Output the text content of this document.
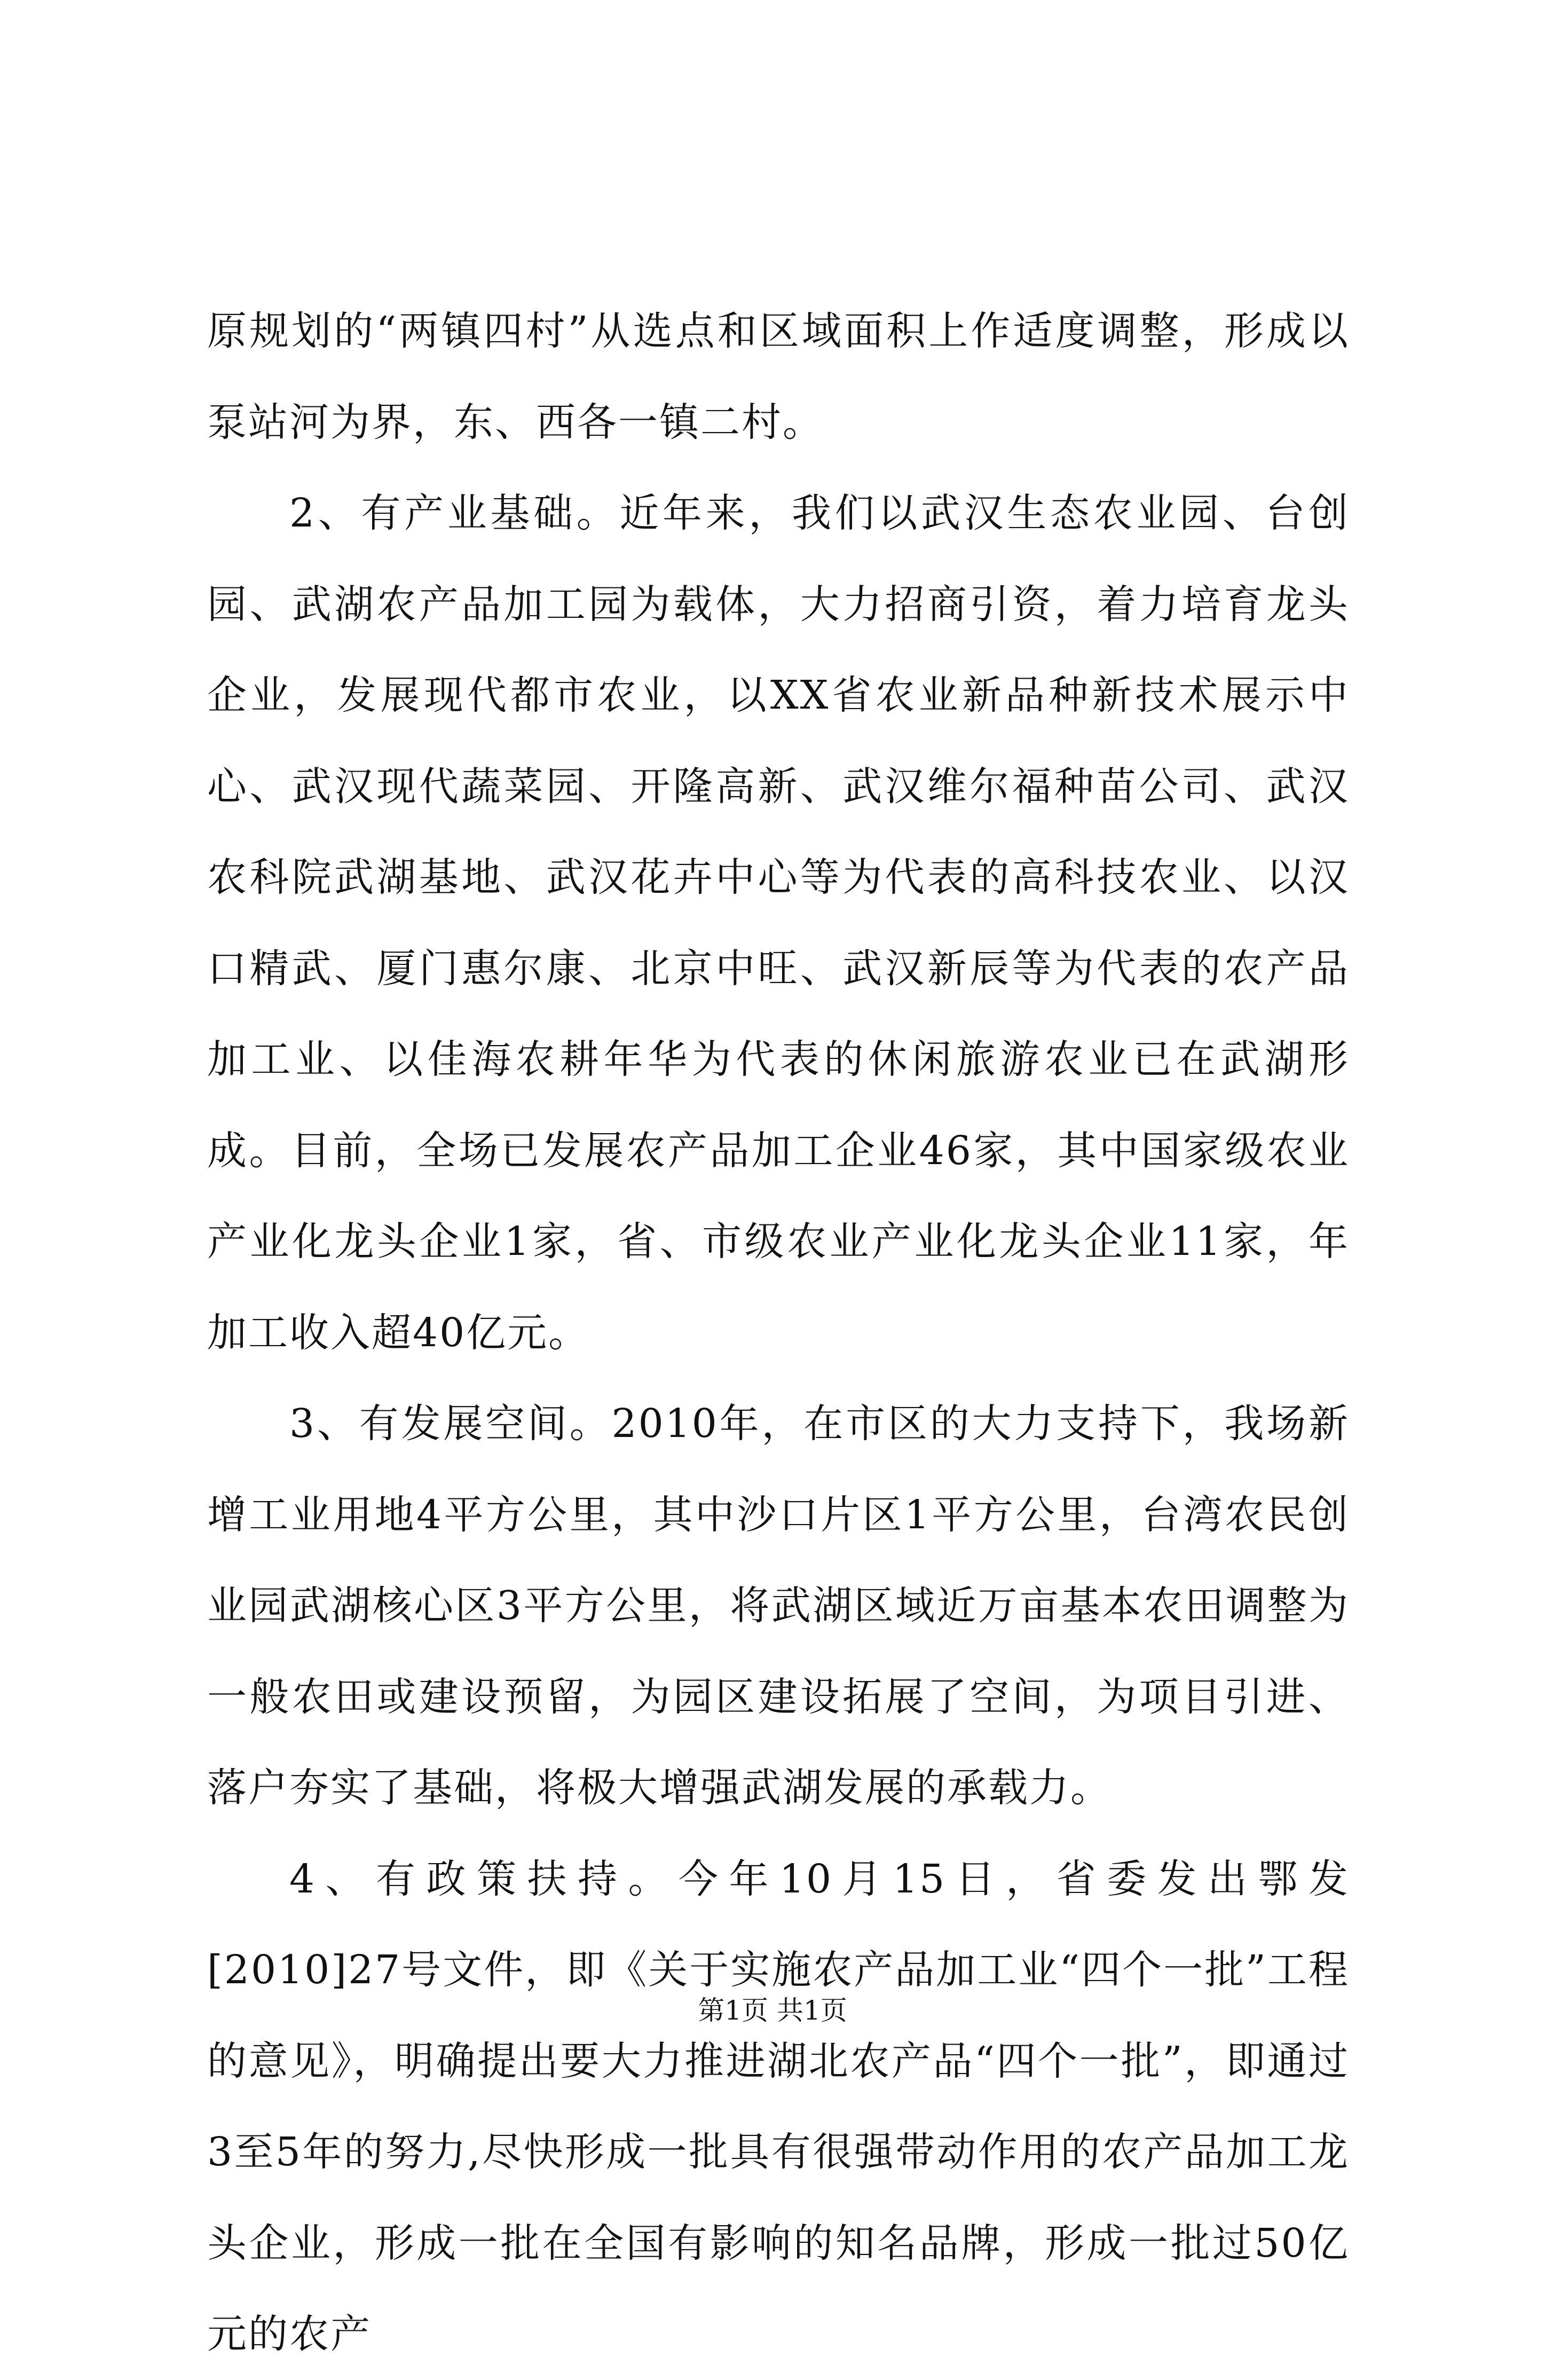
原规划的“两镇四村”从选点和区域面积上作适度调整，形成以泵站河为界，东、西各一镇二村。

2、有产业基础。近年来，我们以武汉生态农业园、台创园、武湖农产品加工园为载体，大力招商引资，着力培育龙头企业，发展现代都市农业，以XX省农业新品种新技术展示中心、武汉现代蔬菜园、开隆高新、武汉维尔福种苗公司、武汉农科院武湖基地、武汉花卉中心等为代表的高科技农业、以汉口精武、厦门惠尔康、北京中旺、武汉新辰等为代表的农产品加工业、以佳海农耕年华为代表的休闲旅游农业已在武湖形成。目前，全场已发展农产品加工企业46家，其中国家级农业产业化龙头企业1家，省、市级农业产业化龙头企业11家，年加工收入超40亿元。

3、有发展空间。2010年，在市区的大力支持下，我场新增工业用地4平方公里，其中沙口片区1平方公里，台湾农民创业园武湖核心区3平方公里，将武湖区域近万亩基本农田调整为一般农田或建设预留，为园区建设拓展了空间，为项目引进、落户夯实了基础，将极大增强武湖发展的承载力。

4、有政策扶持。今年10月15日，省委发出鄂发[2010]27号文件，即《关于实施农产品加工业“四个一批”工程的意见》，明确提出要大力推进湖北农产品“四个一批”，即通过3至5年的努力,尽快形成一批具有很强带动作用的农产品加工龙头企业，形成一批在全国有影响的知名品牌，形成一批过50亿元的农产

第1页 共1页
